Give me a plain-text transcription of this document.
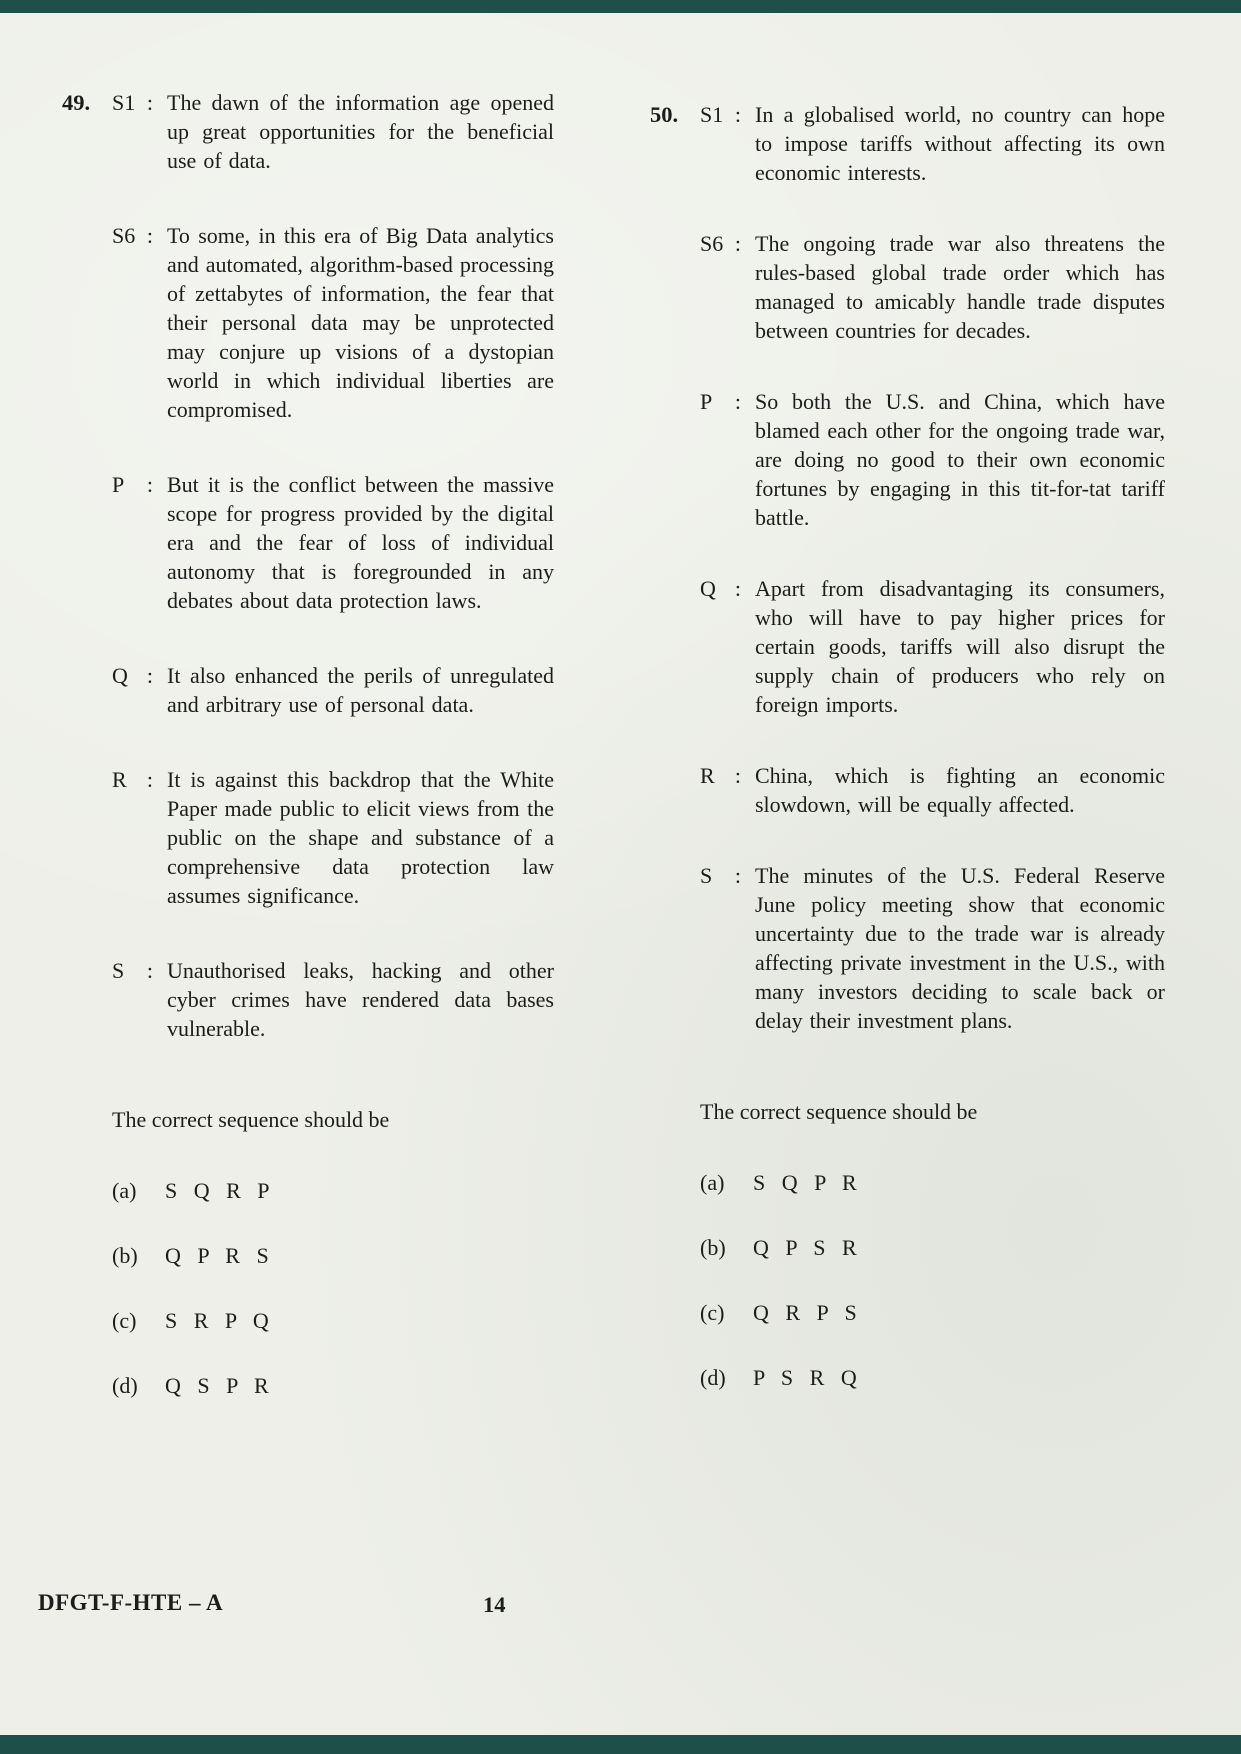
49. S1 : The dawn of the information age opened up great opportunities for the beneficial use of data.
S6 : To some, in this era of Big Data analytics and automated, algorithm-based processing of zettabytes of information, the fear that their personal data may be unprotected may conjure up visions of a dystopian world in which individual liberties are compromised.
P : But it is the conflict between the massive scope for progress provided by the digital era and the fear of loss of individual autonomy that is foregrounded in any debates about data protection laws.
Q : It also enhanced the perils of unregulated and arbitrary use of personal data.
R : It is against this backdrop that the White Paper made public to elicit views from the public on the shape and substance of a comprehensive data protection law assumes significance.
S : Unauthorised leaks, hacking and other cyber crimes have rendered data bases vulnerable.
The correct sequence should be
(a)	S Q R P
(b)	Q P R S
(c)	S R P Q
(d)	Q S P R
50. S1 : In a globalised world, no country can hope to impose tariffs without affecting its own economic interests.
S6 : The ongoing trade war also threatens the rules-based global trade order which has managed to amicably handle trade disputes between countries for decades.
P : So both the U.S. and China, which have blamed each other for the ongoing trade war, are doing no good to their own economic fortunes by engaging in this tit-for-tat tariff battle.
Q : Apart from disadvantaging its consumers, who will have to pay higher prices for certain goods, tariffs will also disrupt the supply chain of producers who rely on foreign imports.
R : China, which is fighting an economic slowdown, will be equally affected.
S : The minutes of the U.S. Federal Reserve June policy meeting show that economic uncertainty due to the trade war is already affecting private investment in the U.S., with many investors deciding to scale back or delay their investment plans.
The correct sequence should be
(a)	S Q P R
(b)	Q P S R
(c)	Q R P S
(d)	P S R Q
DFGT-F-HTE – A	14
